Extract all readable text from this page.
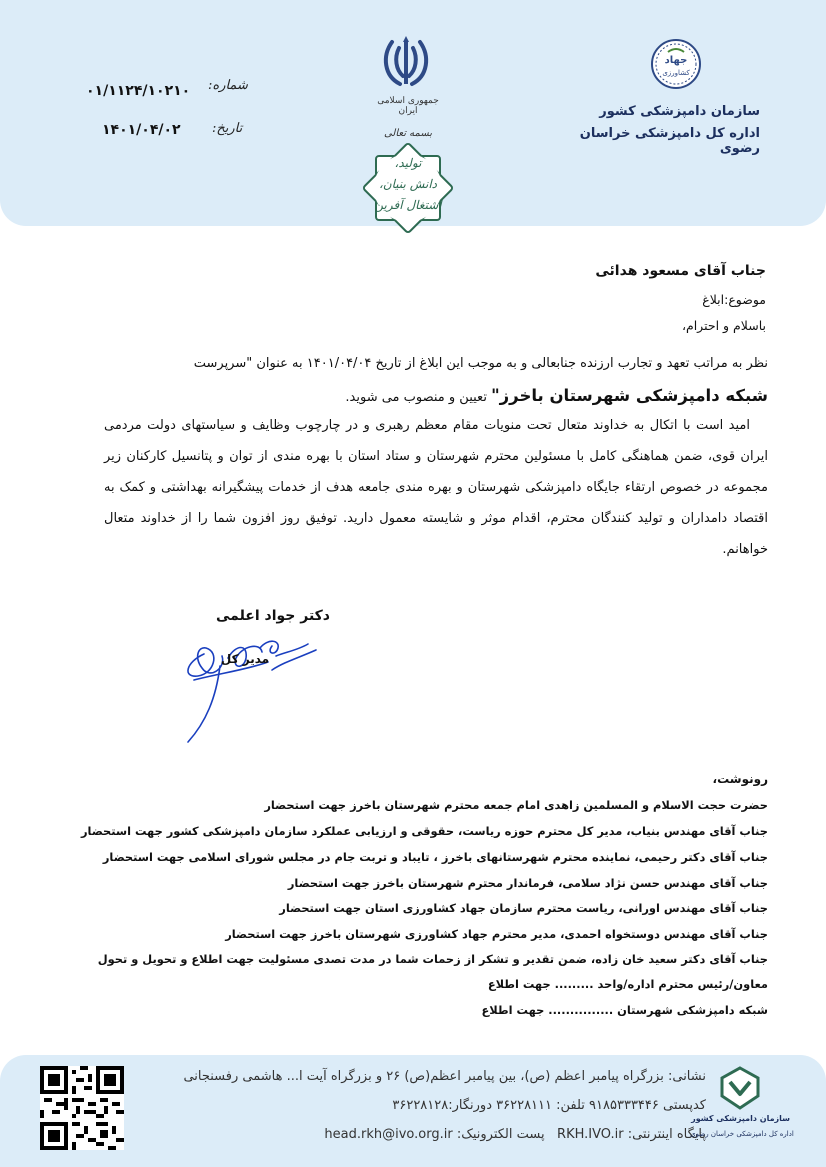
۰۱/۱۱۲۴/۱۰۲۱۰ شماره:
۱۴۰۱/۰۴/۰۲ تاریخ:
جمهوری اسلامی ایران
بسمه تعالی
تولید،
دانش بنیان،
اشتغال آفرین
جهاد
کشاورزی
سازمان دامپزشکی کشور
اداره کل دامپزشکی خراسان رضوی
جناب آقای مسعود هدائی
موضوع:ابلاغ
باسلام و احترام،
نظر به مراتب تعهد و تجارب ارزنده جنابعالی و به موجب این ابلاغ از تاریخ ۱۴۰۱/۰۴/۰۴ به عنوان "سرپرست
شبکه دامپزشکی شهرستان باخرز" تعیین و منصوب می شوید.
امید است با اتکال به خداوند متعال تحت منویات مقام معظم رهبری و در چارچوب وظایف و سیاستهای دولت مردمی ایران قوی، ضمن هماهنگی کامل با مسئولین محترم شهرستان و ستاد استان با بهره مندی از توان و پتانسیل کارکنان زیر مجموعه در خصوص ارتقاء جایگاه دامپزشکی شهرستان و بهره مندی جامعه هدف از خدمات پیشگیرانه بهداشتی و کمک به اقتصاد دامداران و تولید کنندگان محترم، اقدام موثر و شایسته معمول دارید. توفیق روز افزون شما را از خداوند متعال خواهانم.
دکتر جواد اعلمی
مدیر کل
رونوشت،
حضرت حجت الاسلام و المسلمین زاهدی امام جمعه محترم شهرستان باخرز جهت استحضار
جناب آقای مهندس بنیاب، مدیر کل محترم حوزه ریاست، حقوقی و ارزیابی عملکرد سازمان دامپزشکی کشور جهت استحضار
جناب آقای دکتر رحیمی، نماینده محترم شهرستانهای باخرز ، تایباد و تربت جام در مجلس شورای اسلامی جهت استحضار
جناب آقای مهندس حسن نژاد سلامی، فرماندار محترم شهرستان باخرز جهت استحضار
جناب آقای مهندس اورانی، ریاست محترم سازمان جهاد کشاورزی استان جهت استحضار
جناب آقای مهندس دوستخواه احمدی، مدیر محترم جهاد کشاورزی شهرستان باخرز جهت استحضار
جناب آقای دکتر سعید خان زاده، ضمن تقدیر و تشکر از زحمات شما در مدت تصدی مسئولیت جهت اطلاع و تحویل و تحول
معاون/رئیس محترم اداره/واحد ......... جهت اطلاع
شبکه دامپزشکی شهرستان ............... جهت اطلاع
نشانی: بزرگراه پیامبر اعظم (ص)، بین پیامبر اعظم(ص) ۲۶ و بزرگراه آیت ا... هاشمی رفسنجانی
کدپستی ۹۱۸۵۳۳۳۴۴۶ تلفن: ۳۶۲۲۸۱۱۱ دورنگار:۳۶۲۲۸۱۲۸
پایگاه اینترنتی: RKH.IVO.ir   پست الکترونیک: head.rkh@ivo.org.ir
سازمان دامپزشکی کشور
اداره کل دامپزشکی خراسان رضوی
